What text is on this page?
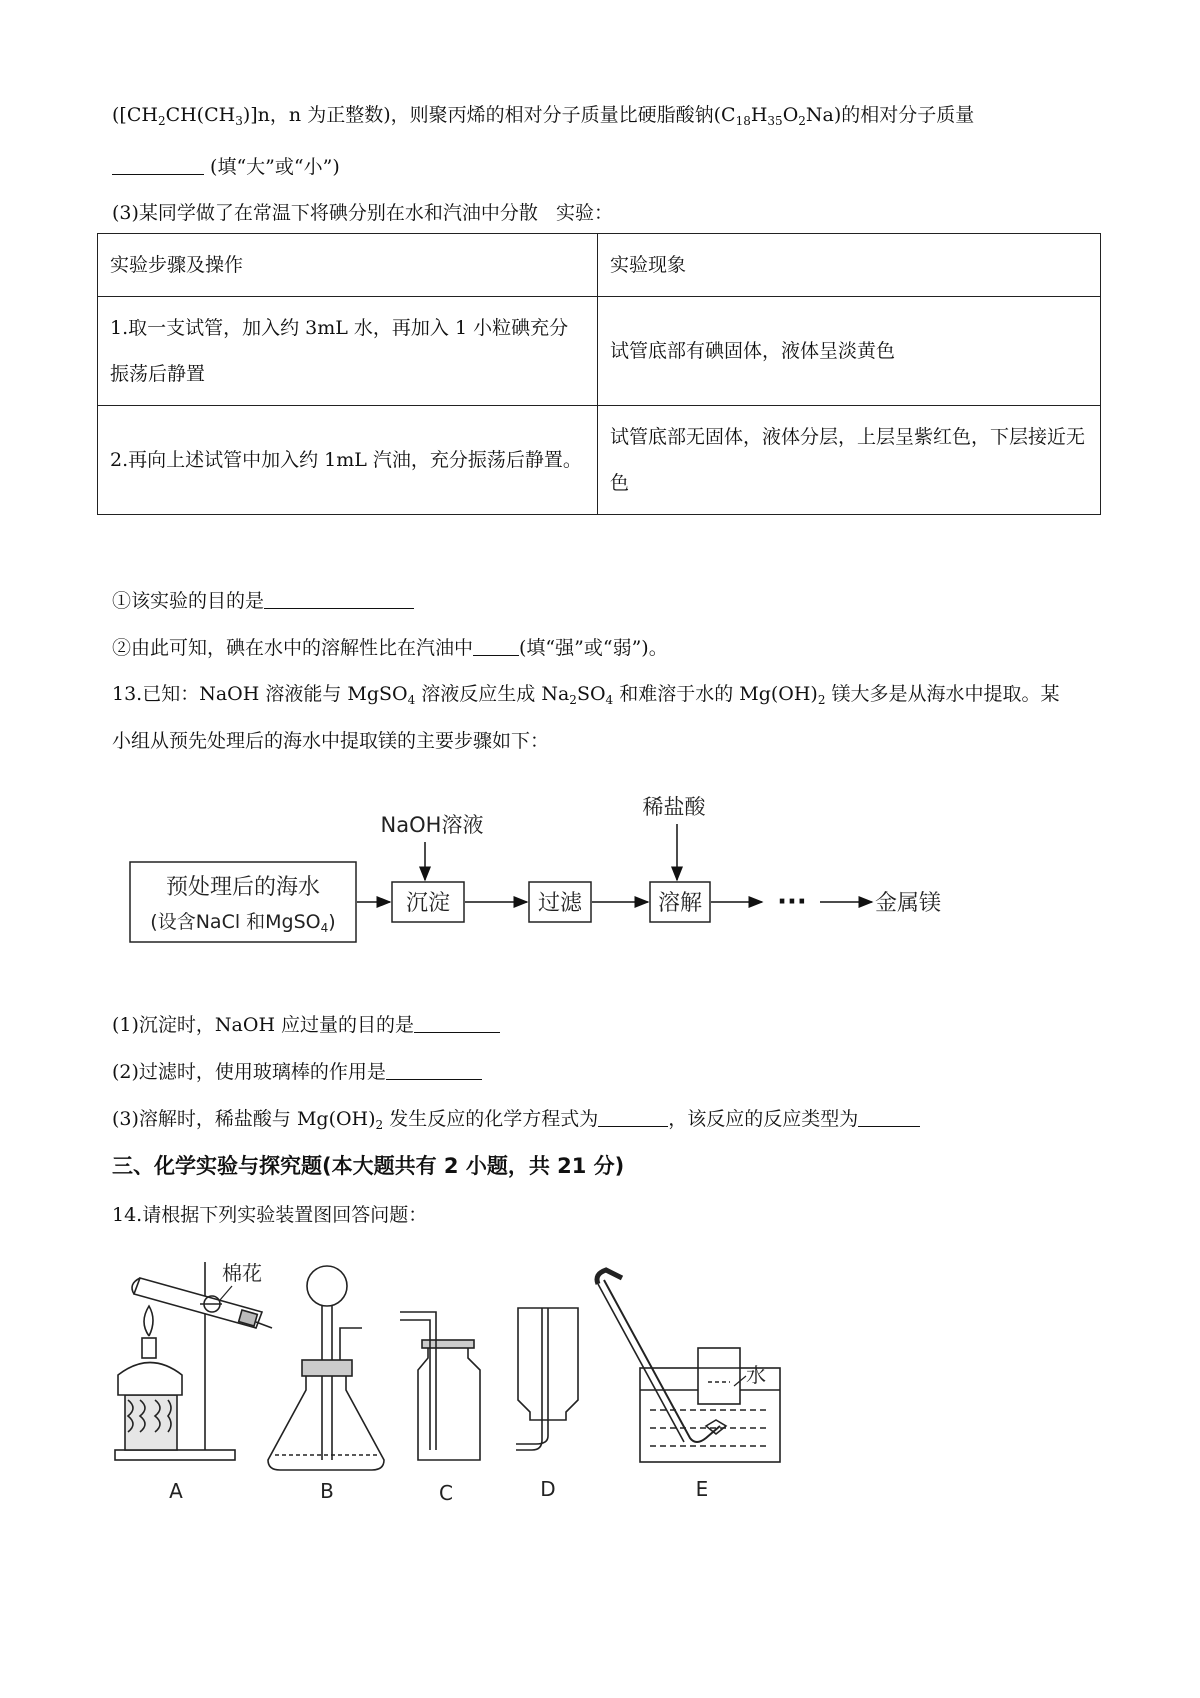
($[CH_2CH(CH_3)]n$，n 为正整数)，则聚丙烯的相对分子质量比硬脂酸钠$(C_{18}H_{35}O_2Na)$的相对分子质量
(填“大”或“小”)
(3)某同学做了在常温下将碘分别在水和汽油中分散   实验：
实验步骤及操作	实验现象
1.取一支试管，加入约 3mL 水，再加入 1 小粒碘充分振荡后静置	试管底部有碘固体，液体呈淡黄色
2.再向上述试管中加入约 1mL 汽油，充分振荡后静置。	试管底部无固体，液体分层，上层呈紫红色，下层接近无色
①该实验的目的是
②由此可知，碘在水中的溶解性比在汽油中 (填“强”或“弱”)。
13.已知：NaOH 溶液能与 MgSO$_4$ 溶液反应生成 $Na_2SO_4$ 和难溶于水的 $Mg(OH)_2$ 镁大多是从海水中提取。某
小组从预先处理后的海水中提取镁的主要步骤如下：
预处理后的海水
(设含NaCl 和MgSO$_4$)
NaOH溶液
沉淀	过滤
稀盐酸
溶解	···	金属镁
(1)沉淀时，NaOH 应过量的目的是
(2)过滤时，使用玻璃棒的作用是
(3)溶解时，稀盐酸与 $Mg(OH)_2$ 发生反应的化学方程式为	，该反应的反应类型为
三、化学实验与探究题(本大题共有 2 小题，共 21 分)
14.请根据下列实验装置图回答问题：
A
棉花
B	C	D
水
E
